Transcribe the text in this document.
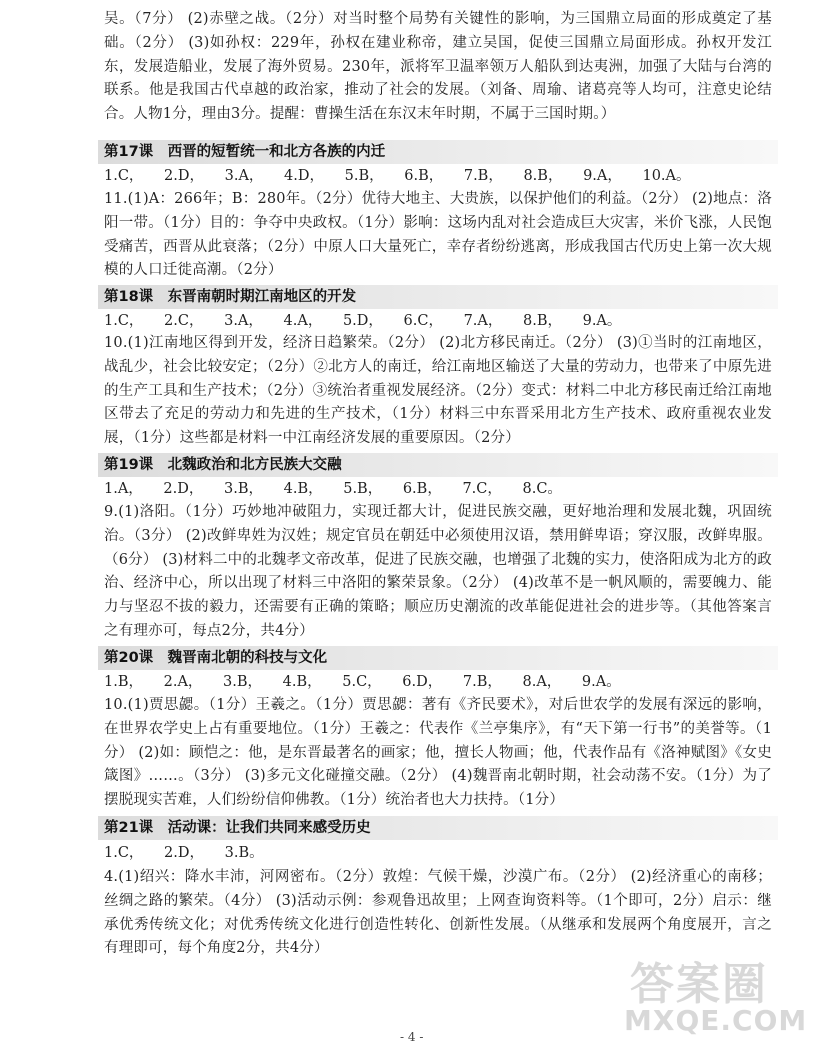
吴。（7分） (2)赤壁之战。（2分）对当时整个局势有关键性的影响，为三国鼎立局面的形成奠定了基础。（2分） (3)如孙权：229年，孙权在建业称帝，建立吴国，促使三国鼎立局面形成。孙权开发江东，发展造船业，发展了海外贸易。230年，派将军卫温率领万人船队到达夷洲，加强了大陆与台湾的联系。他是我国古代卓越的政治家，推动了社会的发展。（刘备、周瑜、诸葛亮等人均可，注意史论结合。人物1分，理由3分。提醒：曹操生活在东汉末年时期，不属于三国时期。）
第17课　西晋的短暂统一和北方各族的内迁
1.C， 2.D， 3.A， 4.D， 5.B， 6.B， 7.B， 8.B， 9.A， 10.A。
11.(1)A：266年；B：280年。（2分）优待大地主、大贵族，以保护他们的利益。（2分） (2)地点：洛阳一带。（1分）目的：争夺中央政权。（1分）影响：这场内乱对社会造成巨大灾害，米价飞涨，人民饱受痛苦，西晋从此衰落；（2分）中原人口大量死亡，幸存者纷纷逃离，形成我国古代历史上第一次大规模的人口迁徙高潮。（2分）
第18课　东晋南朝时期江南地区的开发
1.C， 2.C， 3.A， 4.A， 5.D， 6.C， 7.A， 8.B， 9.A。
10.(1)江南地区得到开发，经济日趋繁荣。（2分） (2)北方移民南迁。（2分） (3)①当时的江南地区，战乱少，社会比较安定；（2分）②北方人的南迁，给江南地区输送了大量的劳动力，也带来了中原先进的生产工具和生产技术；（2分）③统治者重视发展经济。（2分）变式：材料二中北方移民南迁给江南地区带去了充足的劳动力和先进的生产技术，（1分）材料三中东晋采用北方生产技术、政府重视农业发展，（1分）这些都是材料一中江南经济发展的重要原因。（2分）
第19课　北魏政治和北方民族大交融
1.A， 2.D， 3.B， 4.B， 5.B， 6.B， 7.C， 8.C。
9.(1)洛阳。（1分）巧妙地冲破阻力，实现迁都大计，促进民族交融，更好地治理和发展北魏，巩固统治。（3分） (2)改鲜卑姓为汉姓；规定官员在朝廷中必须使用汉语，禁用鲜卑语；穿汉服，改鲜卑服。（6分） (3)材料二中的北魏孝文帝改革，促进了民族交融，也增强了北魏的实力，使洛阳成为北方的政治、经济中心，所以出现了材料三中洛阳的繁荣景象。（2分） (4)改革不是一帆风顺的，需要魄力、能力与坚忍不拔的毅力，还需要有正确的策略；顺应历史潮流的改革能促进社会的进步等。（其他答案言之有理亦可，每点2分，共4分）
第20课　魏晋南北朝的科技与文化
1.B， 2.A， 3.B， 4.B， 5.C， 6.D， 7.B， 8.A， 9.A。
10.(1)贾思勰。（1分）王羲之。（1分）贾思勰：著有《齐民要术》，对后世农学的发展有深远的影响，在世界农学史上占有重要地位。（1分）王羲之：代表作《兰亭集序》，有“天下第一行书”的美誉等。（1分） (2)如：顾恺之：他，是东晋最著名的画家；他，擅长人物画；他，代表作品有《洛神赋图》《女史箴图》……。（3分） (3)多元文化碰撞交融。（2分） (4)魏晋南北朝时期，社会动荡不安。（1分）为了摆脱现实苦难，人们纷纷信仰佛教。（1分）统治者也大力扶持。（1分）
第21课　活动课：让我们共同来感受历史
1.C， 2.D， 3.B。
4.(1)绍兴：降水丰沛，河网密布。（2分）敦煌：气候干燥，沙漠广布。（2分） (2)经济重心的南移；丝绸之路的繁荣。（4分） (3)活动示例：参观鲁迅故里；上网查询资料等。（1个即可，2分）启示：继承优秀传统文化；对优秀传统文化进行创造性转化、创新性发展。（从继承和发展两个角度展开，言之有理即可，每个角度2分，共4分）
答案圈
MXQE.COM
- 4 -
